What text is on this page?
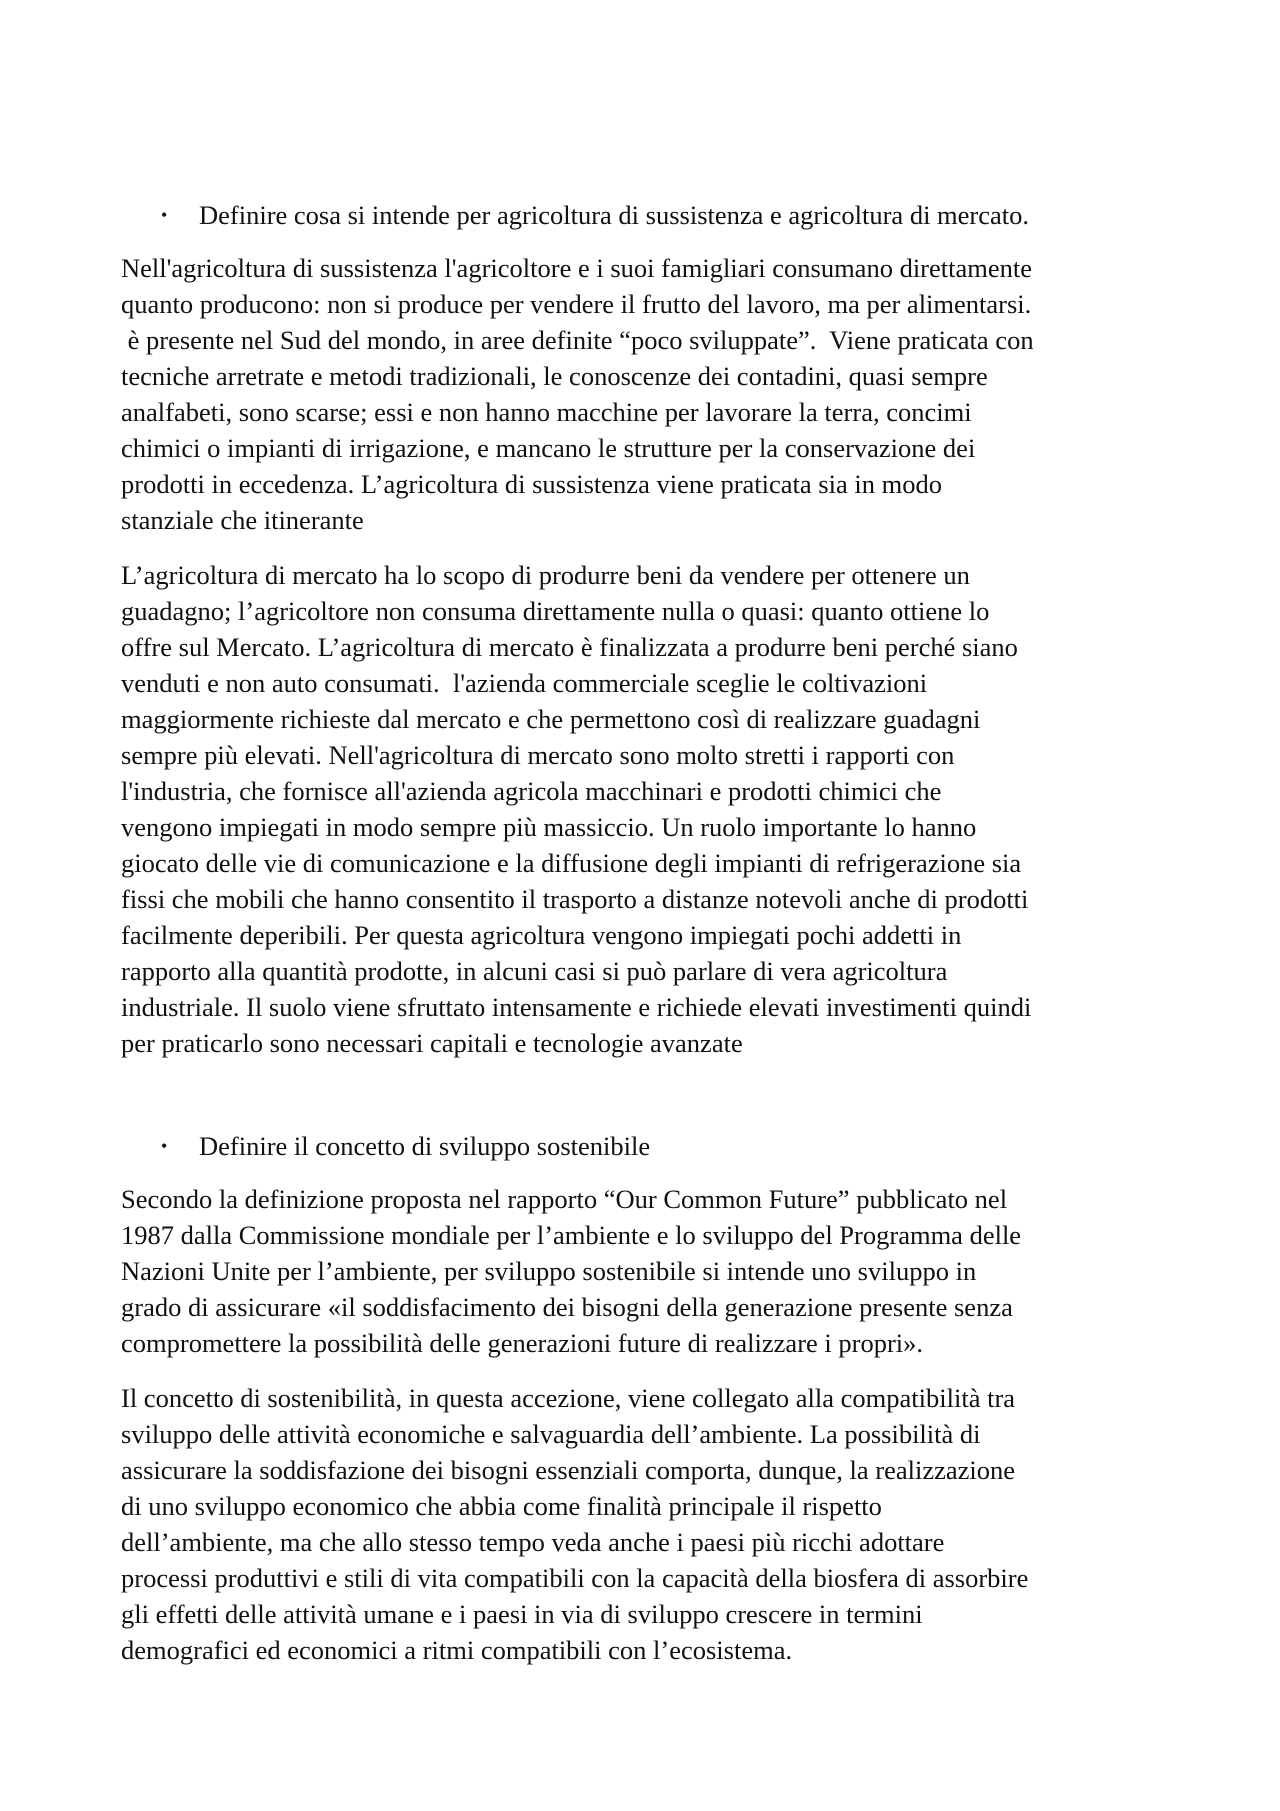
• Definire cosa si intende per agricoltura di sussistenza e agricoltura di mercato.
Nell'agricoltura di sussistenza l'agricoltore e i suoi famigliari consumano direttamente
quanto producono: non si produce per vendere il frutto del lavoro, ma per alimentarsi.
è presente nel Sud del mondo, in aree definite “poco sviluppate”.  Viene praticata con
tecniche arretrate e metodi tradizionali, le conoscenze dei contadini, quasi sempre
analfabeti, sono scarse; essi e non hanno macchine per lavorare la terra, concimi
chimici o impianti di irrigazione, e mancano le strutture per la conservazione dei
prodotti in eccedenza. L’agricoltura di sussistenza viene praticata sia in modo
stanziale che itinerante
L’agricoltura di mercato ha lo scopo di produrre beni da vendere per ottenere un
guadagno; l’agricoltore non consuma direttamente nulla o quasi: quanto ottiene lo
offre sul Mercato. L’agricoltura di mercato è finalizzata a produrre beni perché siano
venduti e non auto consumati.  l'azienda commerciale sceglie le coltivazioni
maggiormente richieste dal mercato e che permettono così di realizzare guadagni
sempre più elevati. Nell'agricoltura di mercato sono molto stretti i rapporti con
l'industria, che fornisce all'azienda agricola macchinari e prodotti chimici che
vengono impiegati in modo sempre più massiccio. Un ruolo importante lo hanno
giocato delle vie di comunicazione e la diffusione degli impianti di refrigerazione sia
fissi che mobili che hanno consentito il trasporto a distanze notevoli anche di prodotti
facilmente deperibili. Per questa agricoltura vengono impiegati pochi addetti in
rapporto alla quantità prodotte, in alcuni casi si può parlare di vera agricoltura
industriale. Il suolo viene sfruttato intensamente e richiede elevati investimenti quindi
per praticarlo sono necessari capitali e tecnologie avanzate
• Definire il concetto di sviluppo sostenibile
Secondo la definizione proposta nel rapporto “Our Common Future” pubblicato nel
1987 dalla Commissione mondiale per l’ambiente e lo sviluppo del Programma delle
Nazioni Unite per l’ambiente, per sviluppo sostenibile si intende uno sviluppo in
grado di assicurare «il soddisfacimento dei bisogni della generazione presente senza
compromettere la possibilità delle generazioni future di realizzare i propri».
Il concetto di sostenibilità, in questa accezione, viene collegato alla compatibilità tra
sviluppo delle attività economiche e salvaguardia dell’ambiente. La possibilità di
assicurare la soddisfazione dei bisogni essenziali comporta, dunque, la realizzazione
di uno sviluppo economico che abbia come finalità principale il rispetto
dell’ambiente, ma che allo stesso tempo veda anche i paesi più ricchi adottare
processi produttivi e stili di vita compatibili con la capacità della biosfera di assorbire
gli effetti delle attività umane e i paesi in via di sviluppo crescere in termini
demografici ed economici a ritmi compatibili con l’ecosistema.
